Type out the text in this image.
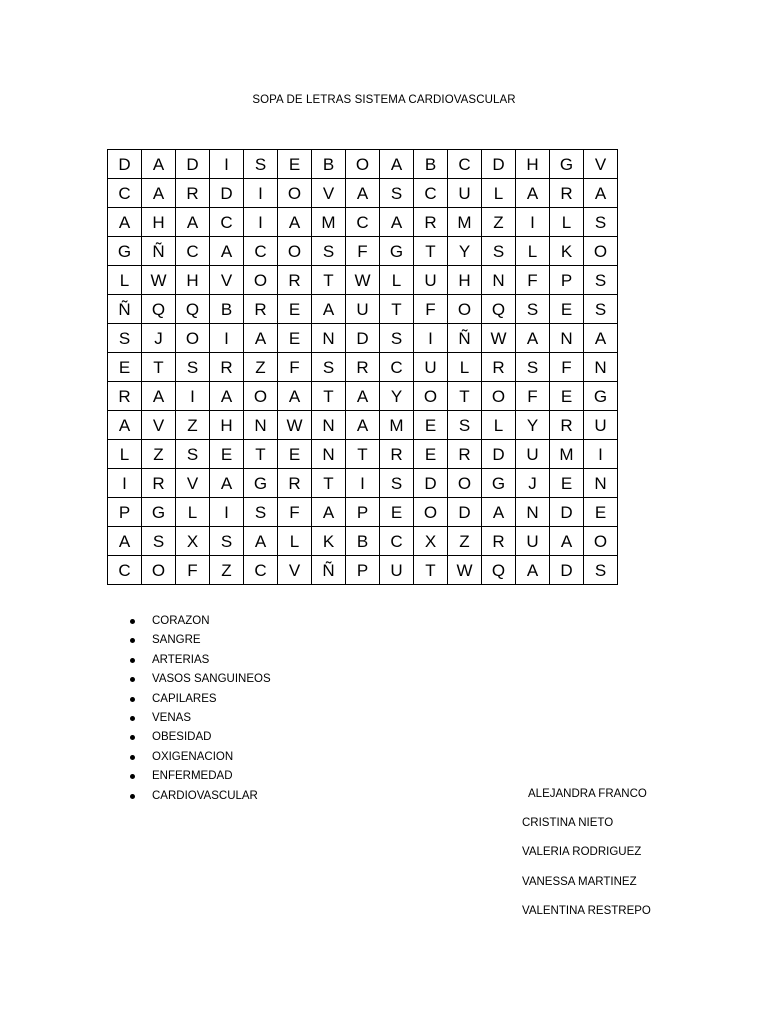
SOPA DE LETRAS SISTEMA CARDIOVASCULAR
D	A	D	I	S	E	B	O	A	B	C	D	H	G	V
C	A	R	D	I	O	V	A	S	C	U	L	A	R	A
A	H	A	C	I	A	M	C	A	R	M	Z	I	L	S
G	Ñ	C	A	C	O	S	F	G	T	Y	S	L	K	O
L	W	H	V	O	R	T	W	L	U	H	N	F	P	S
Ñ	Q	Q	B	R	E	A	U	T	F	O	Q	S	E	S
S	J	O	I	A	E	N	D	S	I	Ñ	W	A	N	A
E	T	S	R	Z	F	S	R	C	U	L	R	S	F	N
R	A	I	A	O	A	T	A	Y	O	T	O	F	E	G
A	V	Z	H	N	W	N	A	M	E	S	L	Y	R	U
L	Z	S	E	T	E	N	T	R	E	R	D	U	M	I
I	R	V	A	G	R	T	I	S	D	O	G	J	E	N
P	G	L	I	S	F	A	P	E	O	D	A	N	D	E
A	S	X	S	A	L	K	B	C	X	Z	R	U	A	O
C	O	F	Z	C	V	Ñ	P	U	T	W	Q	A	D	S
CORAZON
SANGRE
ARTERIAS
VASOS SANGUINEOS
CAPILARES
VENAS
OBESIDAD
OXIGENACION
ENFERMEDAD
CARDIOVASCULAR	ALEJANDRA FRANCO
CRISTINA NIETO
VALERIA RODRIGUEZ
VANESSA MARTINEZ
VALENTINA RESTREPO
